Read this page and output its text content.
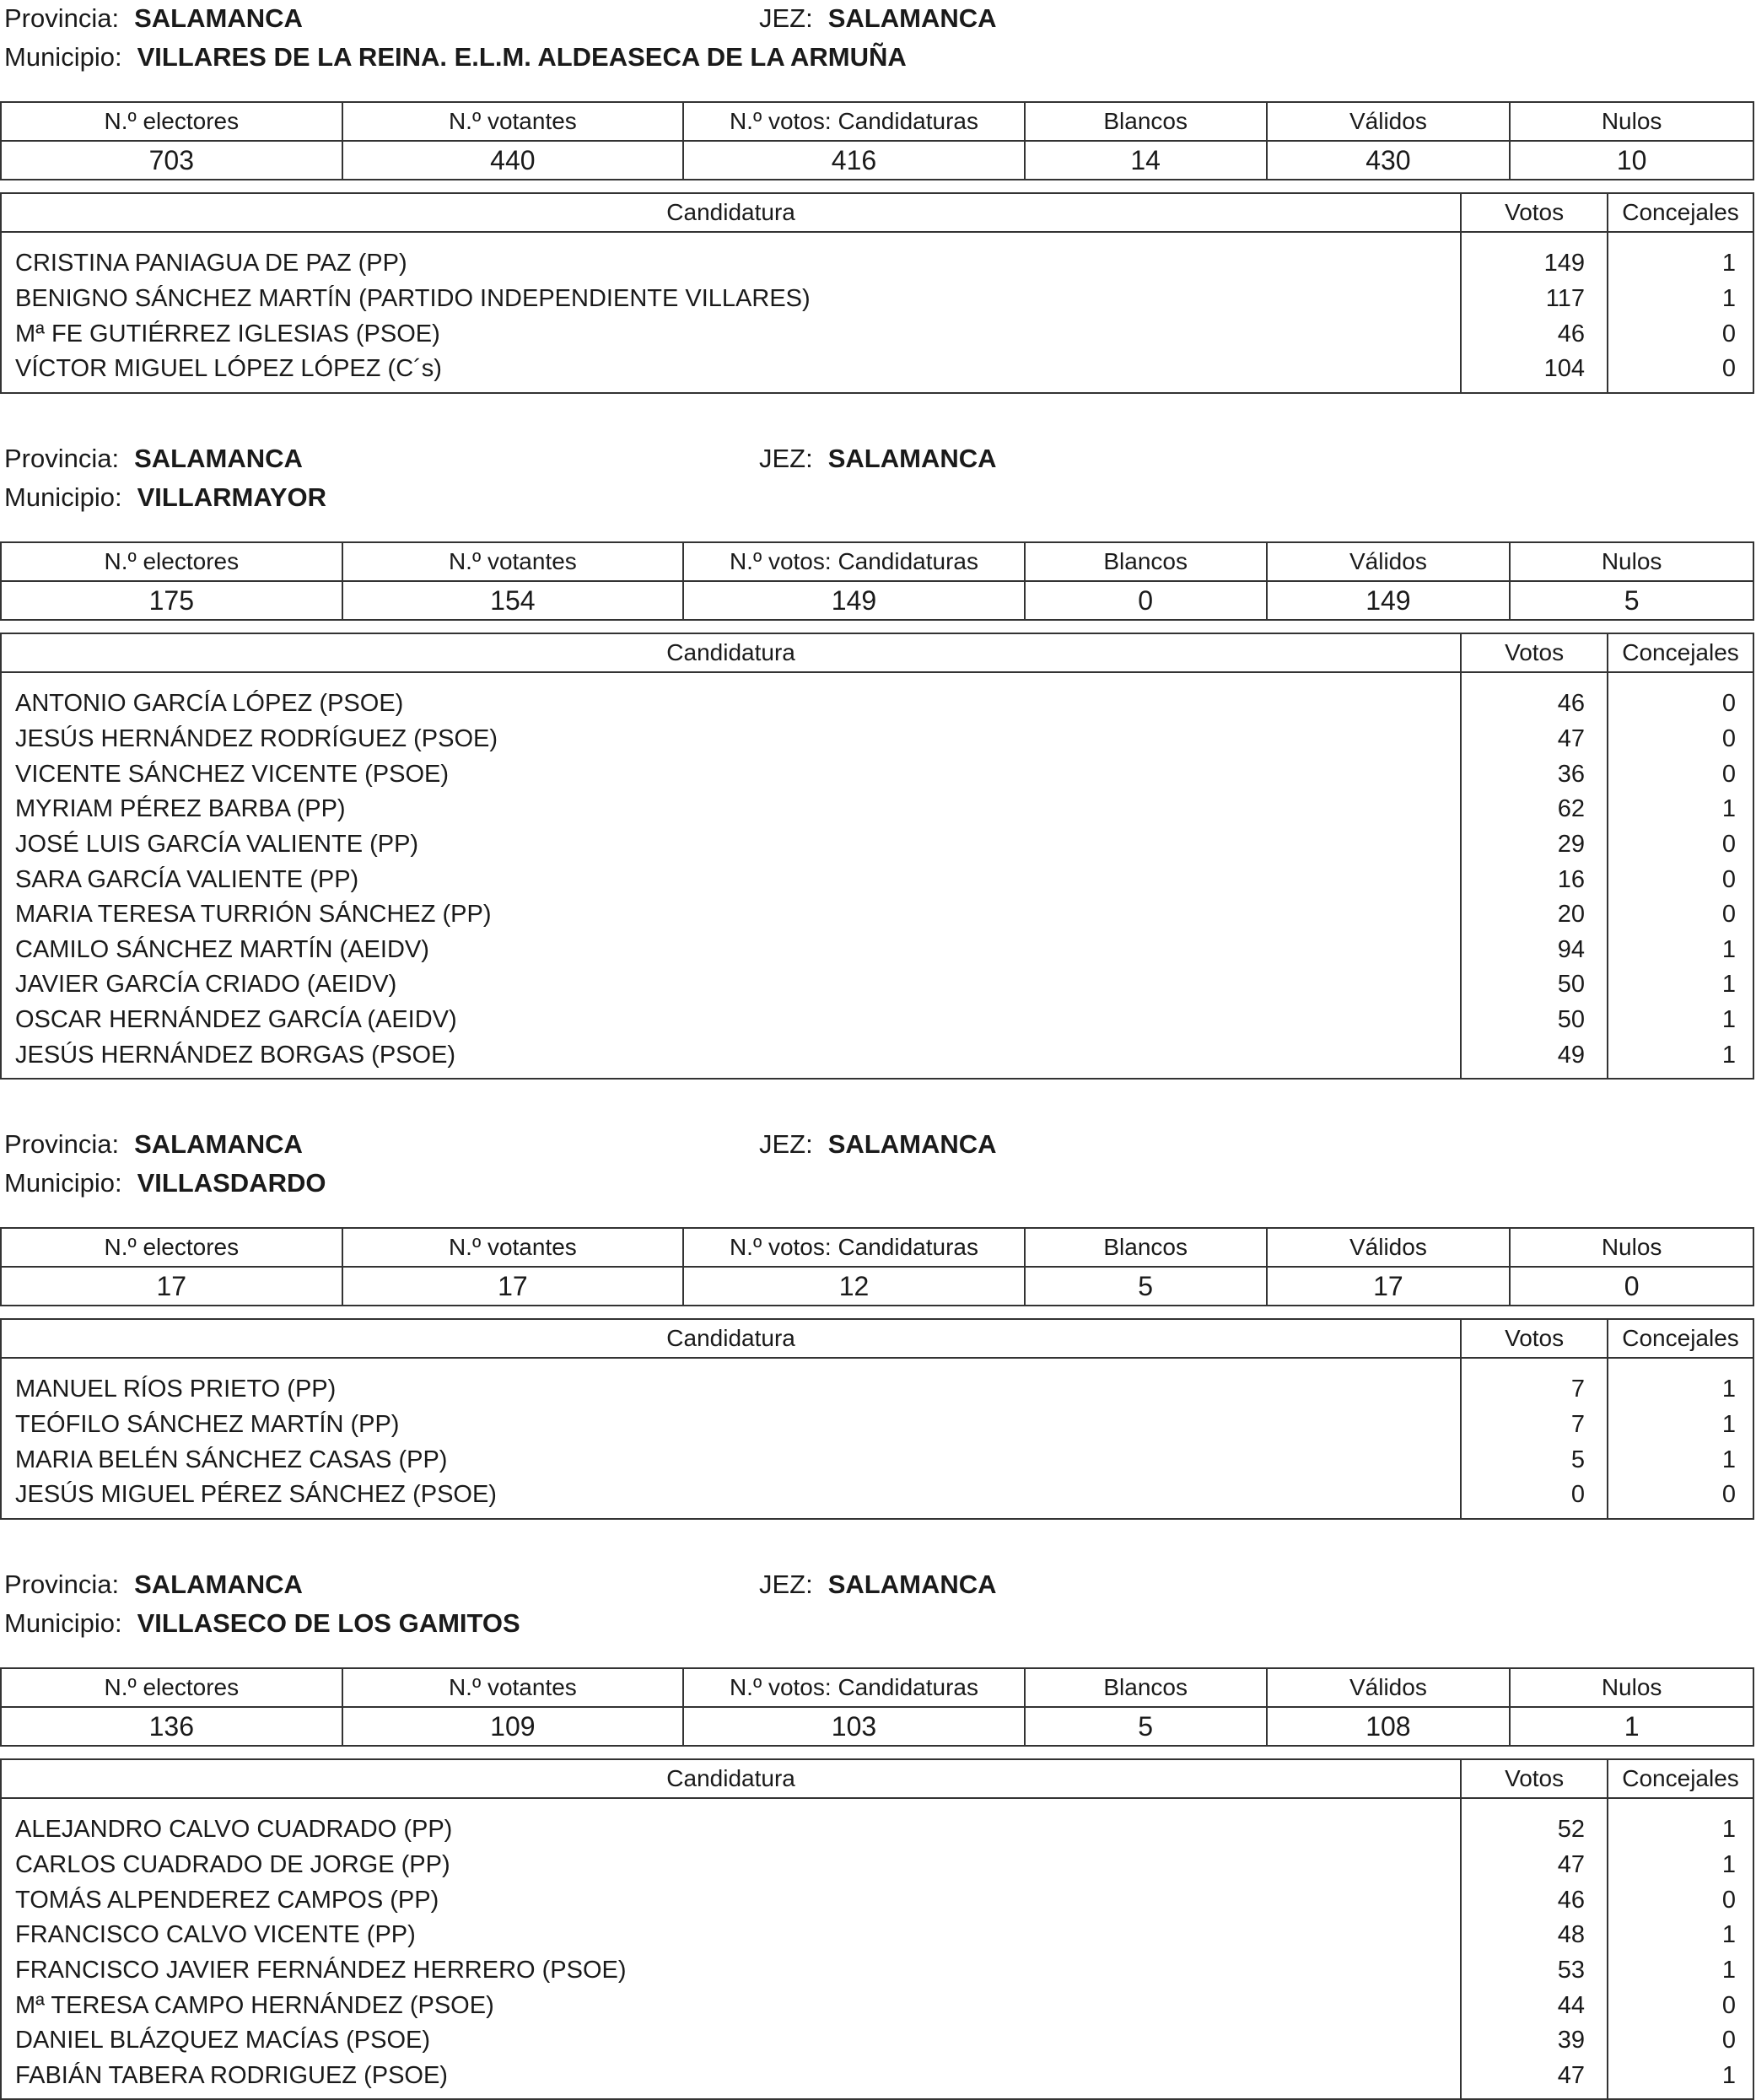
Provincia: SALAMANCA	JEZ: SALAMANCA
Municipio: VILLARES DE LA REINA. E.L.M. ALDEASECA DE LA ARMUÑA
N.º electores	N.º votantes	N.º votos: Candidaturas	Blancos	Válidos	Nulos
703	440	416	14	430	10
Candidatura	Votos	Concejales
CRISTINA PANIAGUA DE PAZ (PP)	149	1
BENIGNO SÁNCHEZ MARTÍN (PARTIDO INDEPENDIENTE VILLARES)	117	1
Mª FE GUTIÉRREZ IGLESIAS (PSOE)	46	0
VÍCTOR MIGUEL LÓPEZ LÓPEZ (C´s)	104	0
Provincia: SALAMANCA	JEZ: SALAMANCA
Municipio: VILLARMAYOR
N.º electores	N.º votantes	N.º votos: Candidaturas	Blancos	Válidos	Nulos
175	154	149	0	149	5
Candidatura	Votos	Concejales
ANTONIO GARCÍA LÓPEZ (PSOE)	46	0
JESÚS HERNÁNDEZ RODRÍGUEZ (PSOE)	47	0
VICENTE SÁNCHEZ VICENTE (PSOE)	36	0
MYRIAM PÉREZ BARBA (PP)	62	1
JOSÉ LUIS GARCÍA VALIENTE (PP)	29	0
SARA GARCÍA VALIENTE (PP)	16	0
MARIA TERESA TURRIÓN SÁNCHEZ (PP)	20	0
CAMILO SÁNCHEZ MARTÍN (AEIDV)	94	1
JAVIER GARCÍA CRIADO (AEIDV)	50	1
OSCAR HERNÁNDEZ GARCÍA (AEIDV)	50	1
JESÚS HERNÁNDEZ BORGAS (PSOE)	49	1
Provincia: SALAMANCA	JEZ: SALAMANCA
Municipio: VILLASDARDO
N.º electores	N.º votantes	N.º votos: Candidaturas	Blancos	Válidos	Nulos
17	17	12	5	17	0
Candidatura	Votos	Concejales
MANUEL RÍOS PRIETO (PP)	7	1
TEÓFILO SÁNCHEZ MARTÍN (PP)	7	1
MARIA BELÉN SÁNCHEZ CASAS (PP)	5	1
JESÚS MIGUEL PÉREZ SÁNCHEZ (PSOE)	0	0
Provincia: SALAMANCA	JEZ: SALAMANCA
Municipio: VILLASECO DE LOS GAMITOS
N.º electores	N.º votantes	N.º votos: Candidaturas	Blancos	Válidos	Nulos
136	109	103	5	108	1
Candidatura	Votos	Concejales
ALEJANDRO CALVO CUADRADO (PP)	52	1
CARLOS CUADRADO DE JORGE (PP)	47	1
TOMÁS ALPENDEREZ CAMPOS (PP)	46	0
FRANCISCO CALVO VICENTE (PP)	48	1
FRANCISCO JAVIER FERNÁNDEZ HERRERO (PSOE)	53	1
Mª TERESA CAMPO HERNÁNDEZ (PSOE)	44	0
DANIEL BLÁZQUEZ MACÍAS (PSOE)	39	0
FABIÁN TABERA RODRIGUEZ (PSOE)	47	1
